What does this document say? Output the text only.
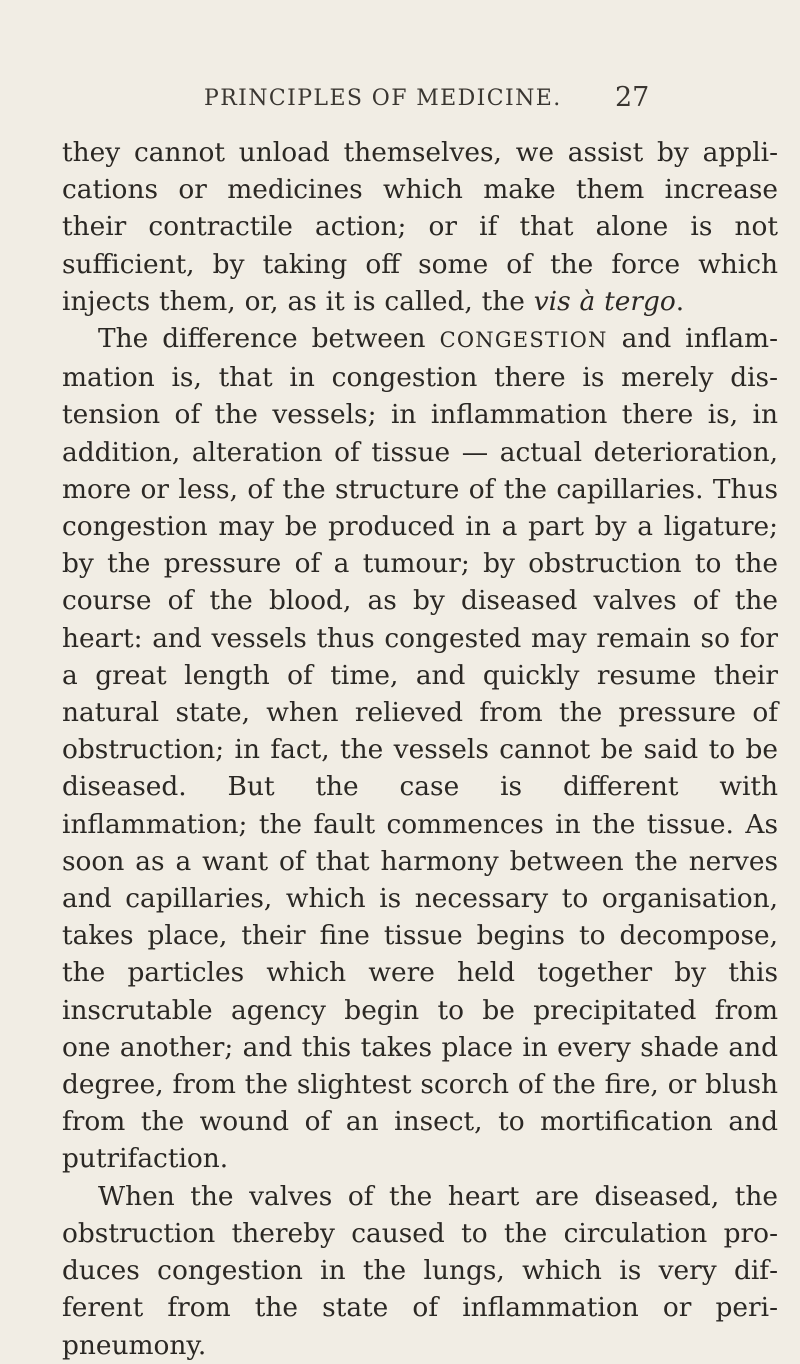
PRINCIPLES OF MEDICINE. 27

they cannot unload themselves, we assist by applications or medicines which make them increase their contractile action; or if that alone is not sufficient, by taking off some of the force which injects them, or, as it is called, the vis à tergo.

The difference between CONGESTION and inflammation is, that in congestion there is merely distension of the vessels; in inflammation there is, in addition, alteration of tissue — actual deterioration, more or less, of the structure of the capillaries. Thus congestion may be produced in a part by a ligature; by the pressure of a tumour; by obstruction to the course of the blood, as by diseased valves of the heart: and vessels thus congested may remain so for a great length of time, and quickly resume their natural state, when relieved from the pressure of obstruction; in fact, the vessels cannot be said to be diseased. But the case is different with inflammation; the fault commences in the tissue. As soon as a want of that harmony between the nerves and capillaries, which is necessary to organisation, takes place, their fine tissue begins to decompose, the particles which were held together by this inscrutable agency begin to be precipitated from one another; and this takes place in every shade and degree, from the slightest scorch of the fire, or blush from the wound of an insect, to mortification and putrifaction.

When the valves of the heart are diseased, the obstruction thereby caused to the circulation produces congestion in the lungs, which is very different from the state of inflammation or peripneumony.
